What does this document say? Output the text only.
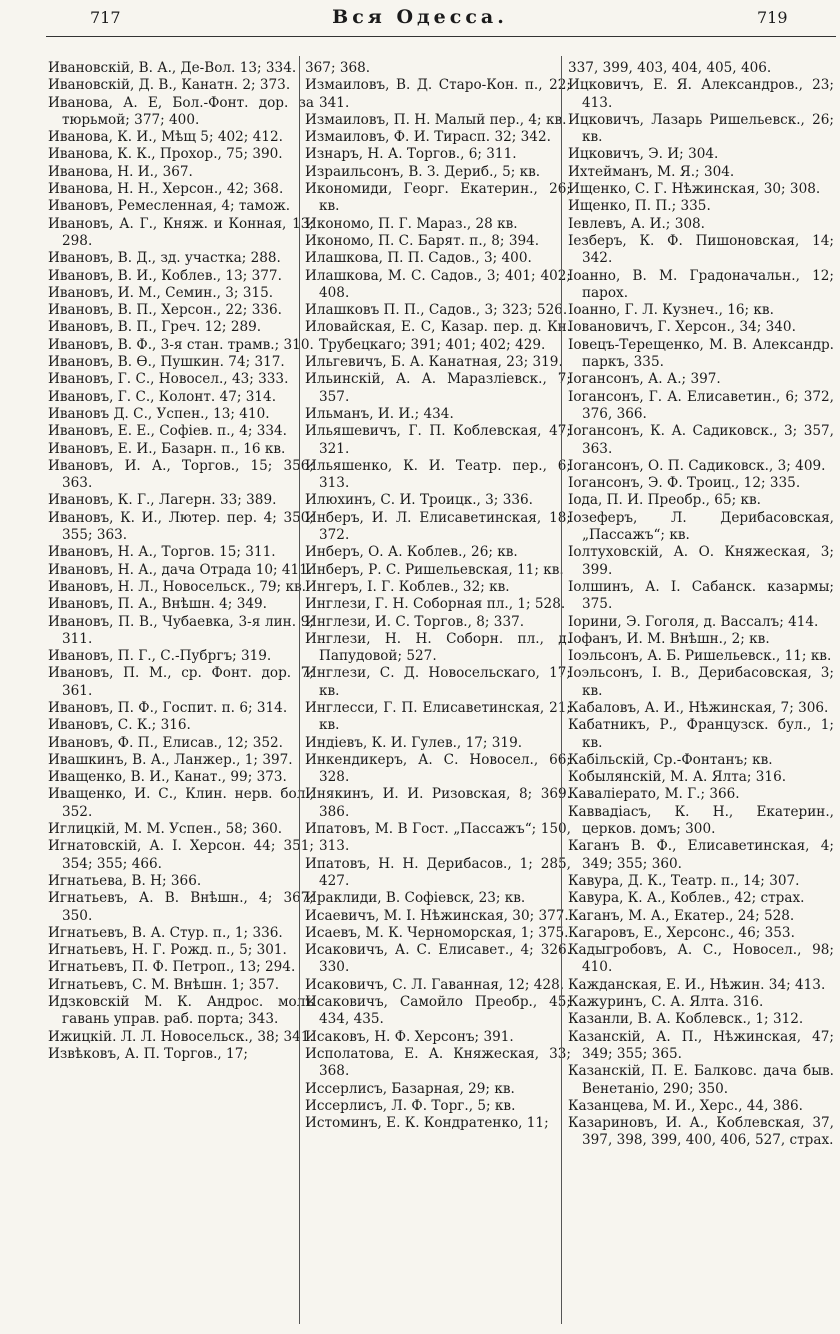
717	Вся Одесса.	719

Ивановскій, В. А., Де-Вол. 13; 334.

Ивановскій, Д. В., Канатн. 2; 373.

Иванова, А. Е, Бол.-Фонт. дор. за тюрьмой; 377; 400.

Иванова, К. И., Мѣщ 5; 402; 412.

Иванова, К. К., Прохор., 75; 390.

Иванова, Н. И., 367.

Иванова, Н. Н., Херсон., 42; 368.

Ивановъ, Ремесленная, 4; тамож.

Ивановъ, А. Г., Княж. и Конная, 13; 298.

Ивановъ, В. Д., зд. участка; 288.

Ивановъ, В. И., Коблев., 13; 377.

Ивановъ, И. М., Семин., 3; 315.

Ивановъ, В. П., Херсон., 22; 336.

Ивановъ, В. П., Греч. 12; 289.

Ивановъ, В. Ф., 3-я стан. трамв.; 310.

Ивановъ, В. Ѳ., Пушкин. 74; 317.

Ивановъ, Г. С., Новосел., 43; 333.

Ивановъ, Г. С., Колонт. 47; 314.

Ивановъ Д. С., Успен., 13; 410.

Ивановъ, Е. Е., Софіев. п., 4; 334.

Ивановъ, Е. И., Базарн. п., 16 кв.

Ивановъ, И. А., Торгов., 15; 356; 363.

Ивановъ, К. Г., Лагерн. 33; 389.

Ивановъ, К. И., Лютер. пер. 4; 350; 355; 363.

Ивановъ, Н. А., Торгов. 15; 311.

Ивановъ, Н. А., дача Отрада 10; 411.

Ивановъ, Н. Л., Новосельск., 79; кв.

Ивановъ, П. А., Внѣшн. 4; 349.

Ивановъ, П. В., Чубаевка, 3-я лин. 9; 311.

Ивановъ, П. Г., С.-Пубргъ; 319.

Ивановъ, П. М., ср. Фонт. дор. 7; 361.

Ивановъ, П. Ф., Госпит. п. 6; 314.

Ивановъ, С. К.; 316.

Ивановъ, Ф. П., Елисав., 12; 352.

Ивашкинъ, В. А., Ланжер., 1; 397.

Иващенко, В. И., Канат., 99; 373.

Иващенко, И. С., Клин. нерв. бол., 352.

Иглицкій, М. М. Успен., 58; 360.

Игнатовскій, А. I. Херсон. 44; 351; 354; 355; 466.

Игнатьева, В. Н; 366.

Игнатьевъ, А. В. Внѣшн., 4; 367; 350.

Игнатьевъ, В. А. Стур. п., 1; 336.

Игнатьевъ, Н. Г. Рожд. п., 5; 301.

Игнатьевъ, П. Ф. Петроп., 13; 294.

Игнатьевъ, С. М. Внѣшн. 1; 357.

Идзковскій М. К. Андрос. молъ гавань управ. раб. порта; 343.

Ижицкій. Л. Л. Новосельск., 38; 341.

Извѣковъ, А. П. Торгов., 17;

367; 368.

Измаиловъ, В. Д. Старо-Кон. п., 22; 341.

Измаиловъ, П. Н. Малый пер., 4; кв.

Измаиловъ, Ф. И. Тирасп. 32; 342.

Изнаръ, Н. А. Торгов., 6; 311.

Израильсонъ, В. З. Дериб., 5; кв.

Икономиди, Георг. Екатерин., 26; кв.

Икономо, П. Г. Мараз., 28 кв.

Икономо, П. С. Барят. п., 8; 394.

Илашкова, П. П. Садов., 3; 400.

Илашкова, М. С. Садов., 3; 401; 402; 408.

Илашковъ П. П., Садов., 3; 323; 526.

Иловайская, Е. С, Казар. пер. д. Кн. Трубецкаго; 391; 401; 402; 429.

Ильгевичъ, Б. А. Канатная, 23; 319.

Ильинскій, А. А. Маразліевск., 7; 357.

Ильманъ, И. И.; 434.

Ильяшевичъ, Г. П. Коблевская, 47; 321.

Ильяшенко, К. И. Театр. пер., 6; 313.

Илюхинъ, С. И. Троицк., 3; 336.

Инберъ, И. Л. Елисаветинская, 18; 372.

Инберъ, О. А. Коблев., 26; кв.

Инберъ, Р. С. Ришельевская, 11; кв.

Ингеръ, I. Г. Коблев., 32; кв.

Инглези, Г. Н. Соборная пл., 1; 528.

Инглези, И. С. Торгов., 8; 337.

Инглези, Н. Н. Соборн. пл., д. Папудовой; 527.

Инглези, С. Д. Новосельскаго, 17; кв.

Инглесси, Г. П. Елисаветинская, 21; кв.

Индіевъ, К. И. Гулев., 17; 319.

Инкендикеръ, А. С. Новосел., 66; 328.

Инякинъ, И. И. Ризовская, 8; 369. 386.

Ипатовъ, М. В Гост. „Пассажъ“; 150, 313.

Ипатовъ, Н. Н. Дерибасов., 1; 285, 427.

Ираклиди, В. Софіевск, 23; кв.

Исаевичъ, М. I. Нѣжинская, 30; 377.

Исаевъ, М. К. Черноморская, 1; 375.

Исаковичъ, А. С. Елисавет., 4; 326. 330.

Исаковичъ, С. Л. Гаванная, 12; 428.

Исаковичъ, Самойло Преобр., 45; 434, 435.

Исаковъ, Н. Ф. Херсонъ; 391.

Исполатова, Е. А. Княжеская, 33; 368.

Иссерлисъ, Базарная, 29; кв.

Иссерлисъ, Л. Ф. Торг., 5; кв.

Истоминъ, Е. К. Кондратенко, 11;

337, 399, 403, 404, 405, 406.

Ицковичъ, Е. Я. Александров., 23; 413.

Ицковичъ, Лазарь Ришельевск., 26; кв.

Ицковичъ, Э. И; 304.

Ихтейманъ, М. Я.; 304.

Ищенко, С. Г. Нѣжинская, 30; 308.

Ищенко, П. П.; 335.

Іевлевъ, А. И.; 308.

Іезберъ, К. Ф. Пишоновская, 14; 342.

Іоанно, В. М. Градоначальн., 12; парох.

Іоанно, Г. Л. Кузнеч., 16; кв.

Іовановичъ, Г. Херсон., 34; 340.

Іовецъ-Терещенко, М. В. Александр. паркъ, 335.

Іогансонъ, А. А.; 397.

Іогансонъ, Г. А. Елисаветин., 6; 372, 376, 366.

Іогансонъ, К. А. Садиковск., 3; 357, 363.

Іогансонъ, О. П. Садиковск., 3; 409.

Іогансонъ, Э. Ф. Троиц., 12; 335.

Іода, П. И. Преобр., 65; кв.

Іозеферъ, Л. Дерибасовская, „Пассажъ“; кв.

Іолтуховскій, А. О. Княжеская, 3; 399.

Іолшинъ, А. I. Сабанск. казармы; 375.

Іорини, Э. Гоголя, д. Вассалъ; 414.

Іофанъ, И. М. Внѣшн., 2; кв.

Іоэльсонъ, А. Б. Ришельевск., 11; кв.

Іоэльсонъ, I. В., Дерибасовская, 3; кв.

Кабаловъ, А. И., Нѣжинская, 7; 306.

Кабатникъ, Р., Французск. бул., 1; кв.

Кабільскій, Ср.-Фонтанъ; кв.

Кобылянскій, М. А. Ялта; 316.

Каваліерато, М. Г.; 366.

Каввадіасъ, К. Н., Екатерин., церков. домъ; 300.

Каганъ В. Ф., Елисаветинская, 4; 349; 355; 360.

Кавура, Д. К., Театр. п., 14; 307.

Кавура, К. А., Коблев., 42; страх.

Каганъ, М. А., Екатер., 24; 528.

Кагаровъ, Е., Херсонс., 46; 353.

Кадыгробовъ, А. С., Новосел., 98; 410.

Кажданская, Е. И., Нѣжин. 34; 413.

Кажуринъ, С. А. Ялта. 316.

Казанли, В. А. Коблевск., 1; 312.

Казанскій, А. П., Нѣжинская, 47; 349; 355; 365.

Казанскій, П. Е. Балковс. дача быв. Венетаніо, 290; 350.

Казанцева, М. И., Херс., 44, 386.

Казариновъ, И. А., Коблевская, 37, 397, 398, 399, 400, 406, 527, страх.
